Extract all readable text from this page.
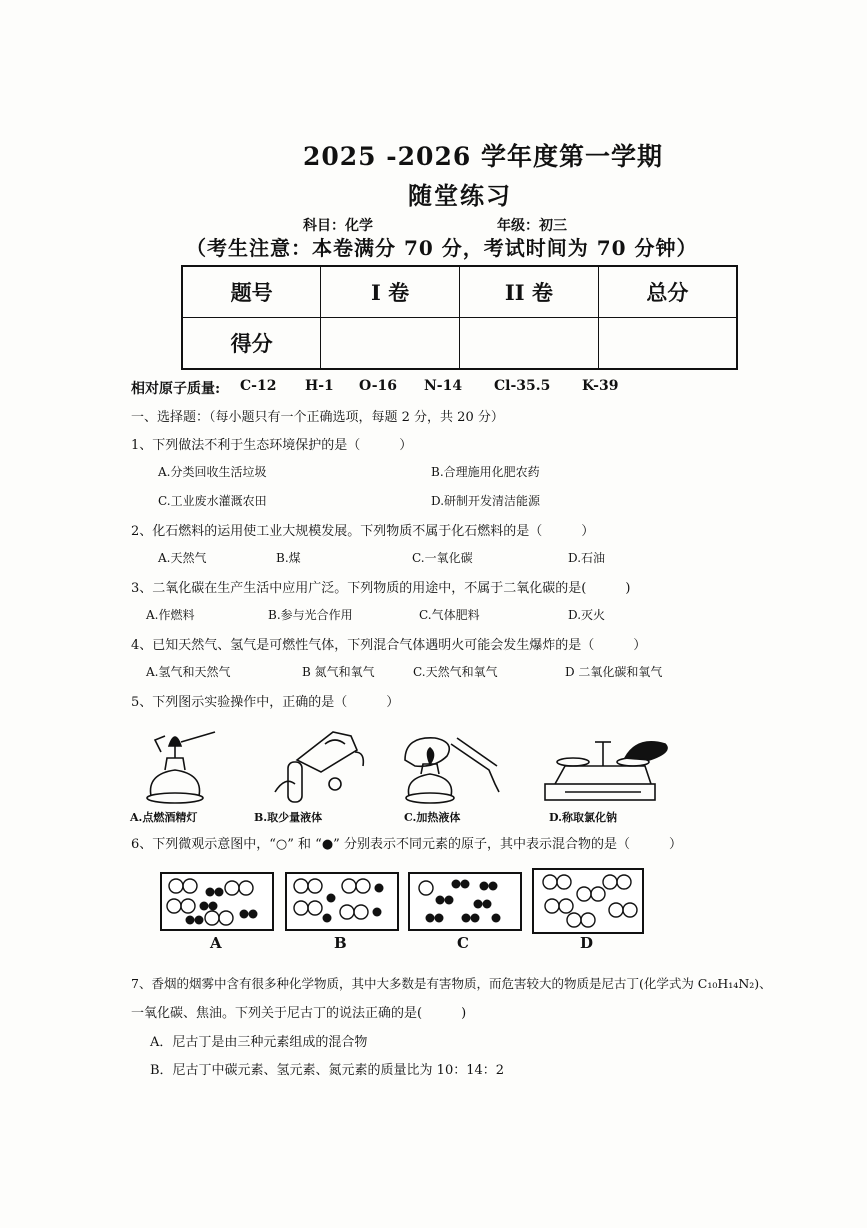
2025 -2026 学年度第一学期
随堂练习
科目：化学	年级：初三
（考生注意：本卷满分 70 分，考试时间为 70 分钟）
题号	I 卷	II 卷	总分
得分			
相对原子质量: C-12 H-1 O-16 N-14 Cl-35.5 K-39
一、选择题：（每小题只有一个正确选项，每题 2 分，共 20 分）
1、下列做法不利于生态环境保护的是（　　　）
A.分类回收生活垃圾	B.合理施用化肥农药
C.工业废水灌溉农田	D.研制开发清洁能源
2、化石燃料的运用使工业大规模发展。下列物质不属于化石燃料的是（　　　）
A.天然气	B.煤	C.一氧化碳	D.石油
3、二氧化碳在生产生活中应用广泛。下列物质的用途中，不属于二氧化碳的是(　　　)
A.作燃料	B.参与光合作用	C.气体肥料	D.灭火
4、已知天然气、氢气是可燃性气体，下列混合气体遇明火可能会发生爆炸的是（　　　）
A.氢气和天然气	B 氮气和氧气	C.天然气和氧气	D 二氧化碳和氧气
5、下列图示实验操作中，正确的是（　　　）
A.点燃酒精灯	B.取少量液体	C.加热液体	D.称取氯化钠
6、下列微观示意图中，“○” 和 “●” 分别表示不同元素的原子，其中表示混合物的是（　　　）
A	B	C	D
7、香烟的烟雾中含有很多种化学物质，其中大多数是有害物质，而危害较大的物质是尼古丁(化学式为 C₁₀H₁₄N₂)、
一氧化碳、焦油。下列关于尼古丁的说法正确的是(　　　)
A．尼古丁是由三种元素组成的混合物
B．尼古丁中碳元素、氢元素、氮元素的质量比为 10：14：2
